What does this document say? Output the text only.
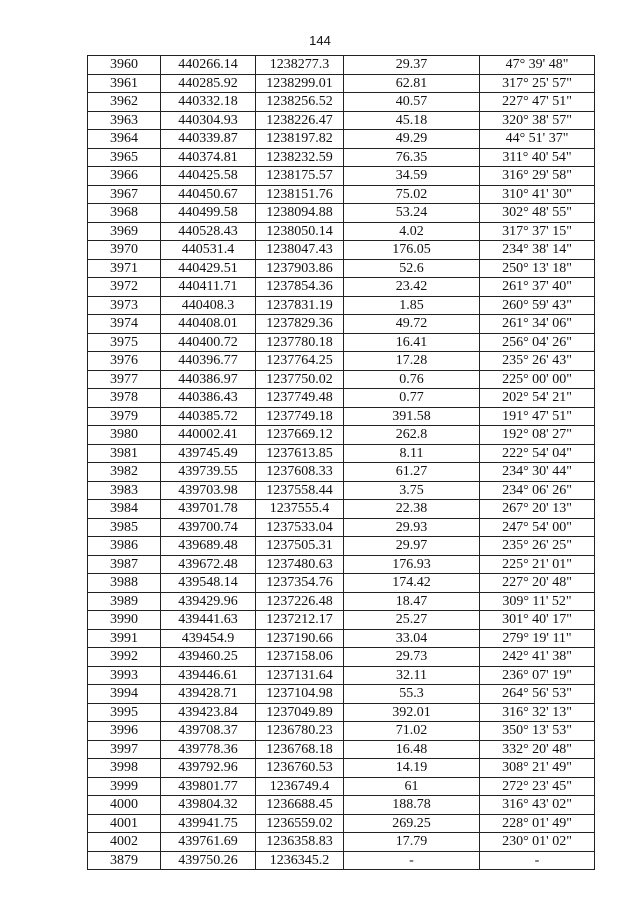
144
3960	440266.14	1238277.3	29.37	47° 39' 48"
3961	440285.92	1238299.01	62.81	317° 25' 57"
3962	440332.18	1238256.52	40.57	227° 47' 51"
3963	440304.93	1238226.47	45.18	320° 38' 57"
3964	440339.87	1238197.82	49.29	44° 51' 37"
3965	440374.81	1238232.59	76.35	311° 40' 54"
3966	440425.58	1238175.57	34.59	316° 29' 58"
3967	440450.67	1238151.76	75.02	310° 41' 30"
3968	440499.58	1238094.88	53.24	302° 48' 55"
3969	440528.43	1238050.14	4.02	317° 37' 15"
3970	440531.4	1238047.43	176.05	234° 38' 14"
3971	440429.51	1237903.86	52.6	250° 13' 18"
3972	440411.71	1237854.36	23.42	261° 37' 40"
3973	440408.3	1237831.19	1.85	260° 59' 43"
3974	440408.01	1237829.36	49.72	261° 34' 06"
3975	440400.72	1237780.18	16.41	256° 04' 26"
3976	440396.77	1237764.25	17.28	235° 26' 43"
3977	440386.97	1237750.02	0.76	225° 00' 00"
3978	440386.43	1237749.48	0.77	202° 54' 21"
3979	440385.72	1237749.18	391.58	191° 47' 51"
3980	440002.41	1237669.12	262.8	192° 08' 27"
3981	439745.49	1237613.85	8.11	222° 54' 04"
3982	439739.55	1237608.33	61.27	234° 30' 44"
3983	439703.98	1237558.44	3.75	234° 06' 26"
3984	439701.78	1237555.4	22.38	267° 20' 13"
3985	439700.74	1237533.04	29.93	247° 54' 00"
3986	439689.48	1237505.31	29.97	235° 26' 25"
3987	439672.48	1237480.63	176.93	225° 21' 01"
3988	439548.14	1237354.76	174.42	227° 20' 48"
3989	439429.96	1237226.48	18.47	309° 11' 52"
3990	439441.63	1237212.17	25.27	301° 40' 17"
3991	439454.9	1237190.66	33.04	279° 19' 11"
3992	439460.25	1237158.06	29.73	242° 41' 38"
3993	439446.61	1237131.64	32.11	236° 07' 19"
3994	439428.71	1237104.98	55.3	264° 56' 53"
3995	439423.84	1237049.89	392.01	316° 32' 13"
3996	439708.37	1236780.23	71.02	350° 13' 53"
3997	439778.36	1236768.18	16.48	332° 20' 48"
3998	439792.96	1236760.53	14.19	308° 21' 49"
3999	439801.77	1236749.4	61	272° 23' 45"
4000	439804.32	1236688.45	188.78	316° 43' 02"
4001	439941.75	1236559.02	269.25	228° 01' 49"
4002	439761.69	1236358.83	17.79	230° 01' 02"
3879	439750.26	1236345.2	-	-
